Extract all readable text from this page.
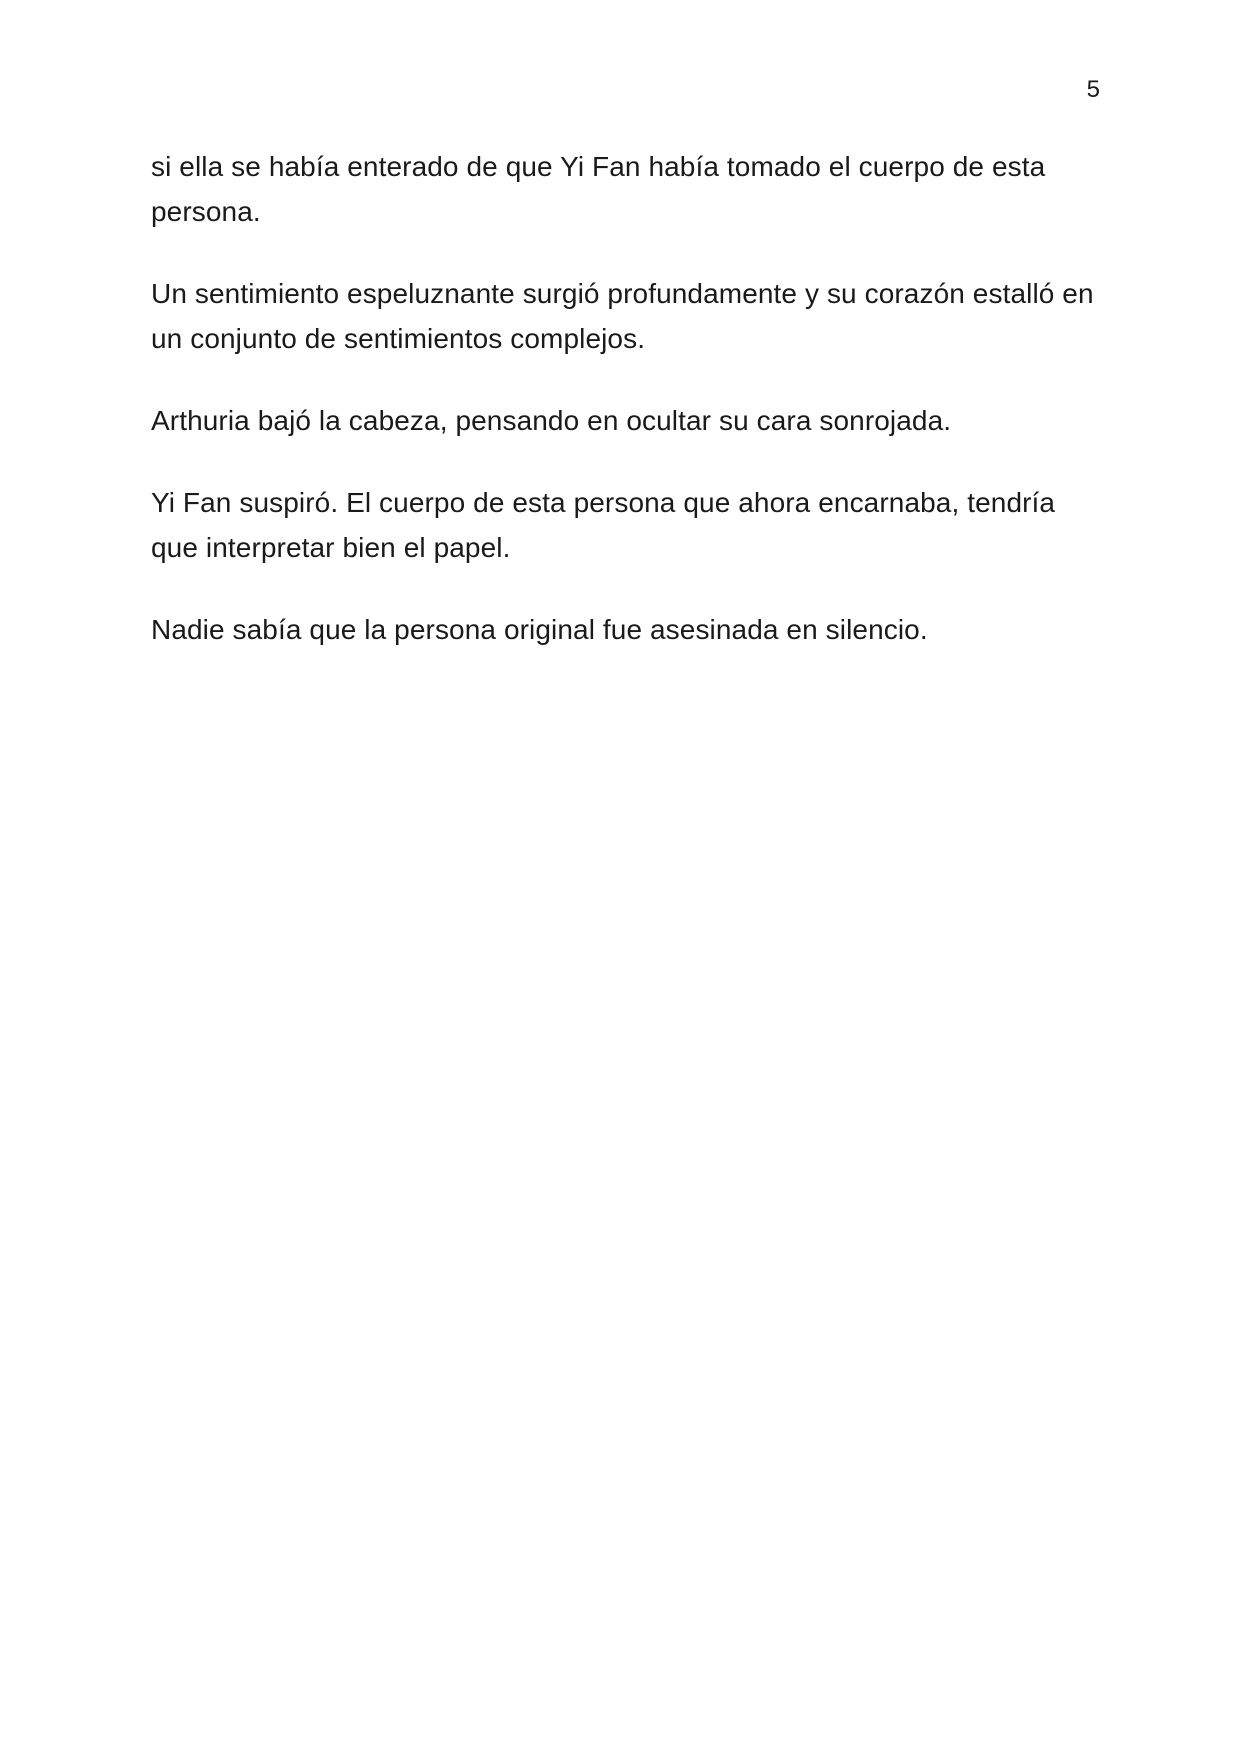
5

si ella se había enterado de que Yi Fan había tomado el cuerpo de esta
persona.

Un sentimiento espeluznante surgió profundamente y su corazón estalló en
un conjunto de sentimientos complejos.

Arthuria bajó la cabeza, pensando en ocultar su cara sonrojada.

Yi Fan suspiró. El cuerpo de esta persona que ahora encarnaba, tendría
que interpretar bien el papel.

Nadie sabía que la persona original fue asesinada en silencio.
